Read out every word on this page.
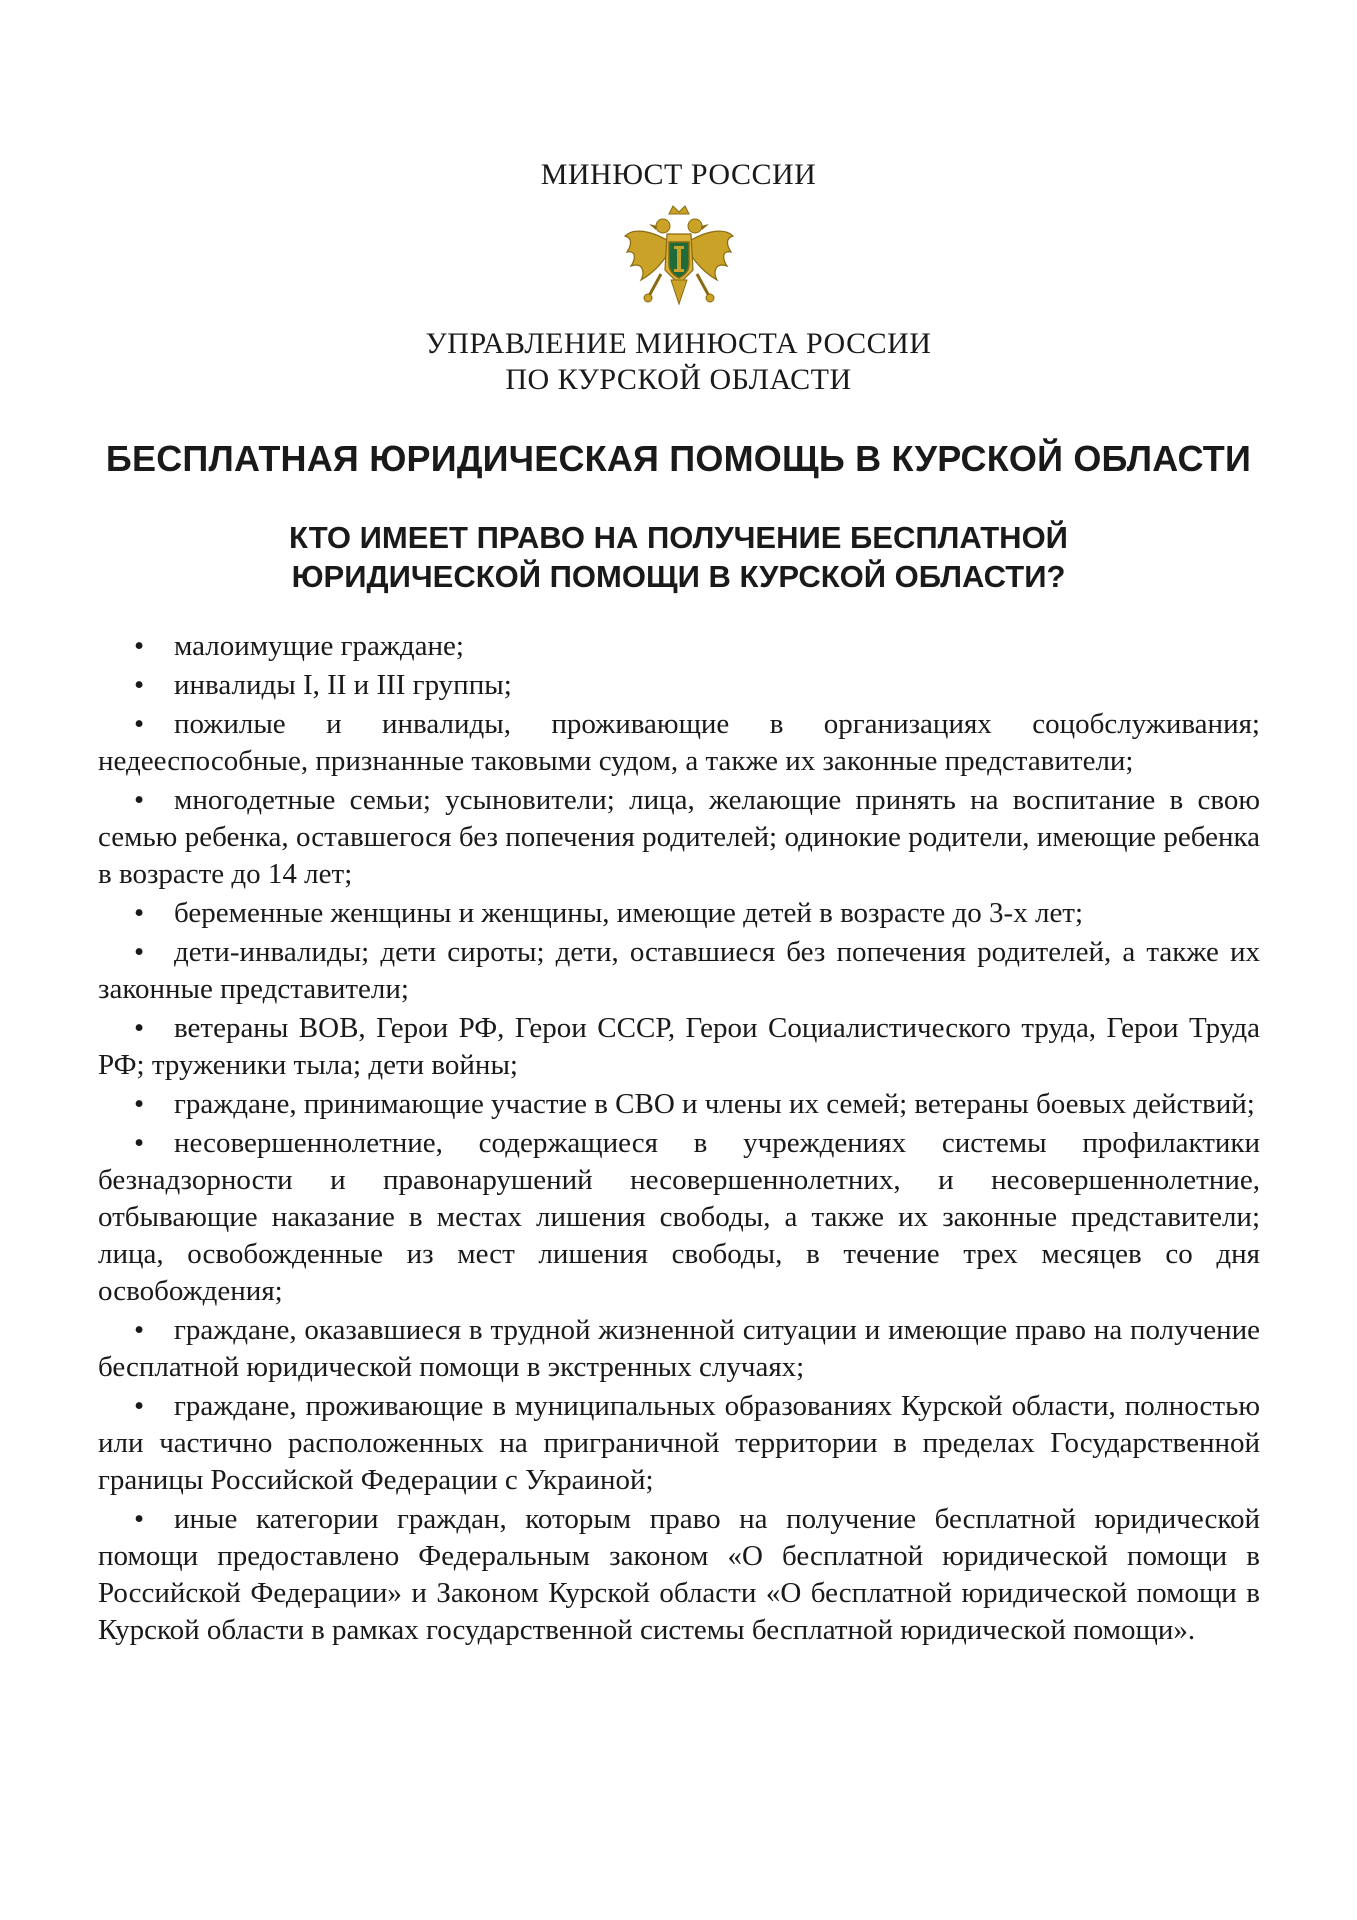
МИНЮСТ РОССИИ
УПРАВЛЕНИЕ МИНЮСТА РОССИИ
ПО КУРСКОЙ ОБЛАСТИ
БЕСПЛАТНАЯ ЮРИДИЧЕСКАЯ ПОМОЩЬ В КУРСКОЙ ОБЛАСТИ
КТО ИМЕЕТ ПРАВО НА ПОЛУЧЕНИЕ БЕСПЛАТНОЙ
ЮРИДИЧЕСКОЙ ПОМОЩИ В КУРСКОЙ ОБЛАСТИ?
• малоимущие граждане;
• инвалиды I, II и III группы;
• пожилые и инвалиды, проживающие в организациях соцобслуживания; недееспособные, признанные таковыми судом, а также их законные представители;
• многодетные семьи; усыновители; лица, желающие принять на воспитание в свою семью ребенка, оставшегося без попечения родителей; одинокие родители, имеющие ребенка в возрасте до 14 лет;
• беременные женщины и женщины, имеющие детей в возрасте до 3-х лет;
• дети-инвалиды; дети сироты; дети, оставшиеся без попечения родителей, а также их законные представители;
• ветераны ВОВ, Герои РФ, Герои СССР, Герои Социалистического труда, Герои Труда РФ; труженики тыла; дети войны;
• граждане, принимающие участие в СВО и члены их семей; ветераны боевых действий;
• несовершеннолетние, содержащиеся в учреждениях системы профилактики безнадзорности и правонарушений несовершеннолетних, и несовершеннолетние, отбывающие наказание в местах лишения свободы, а также их законные представители; лица, освобожденные из мест лишения свободы, в течение трех месяцев со дня освобождения;
• граждане, оказавшиеся в трудной жизненной ситуации и имеющие право на получение бесплатной юридической помощи в экстренных случаях;
• граждане, проживающие в муниципальных образованиях Курской области, полностью или частично расположенных на приграничной территории в пределах Государственной границы Российской Федерации с Украиной;
• иные категории граждан, которым право на получение бесплатной юридической помощи предоставлено Федеральным законом «О бесплатной юридической помощи в Российской Федерации» и Законом Курской области «О бесплатной юридической помощи в Курской области в рамках государственной системы бесплатной юридической помощи».
